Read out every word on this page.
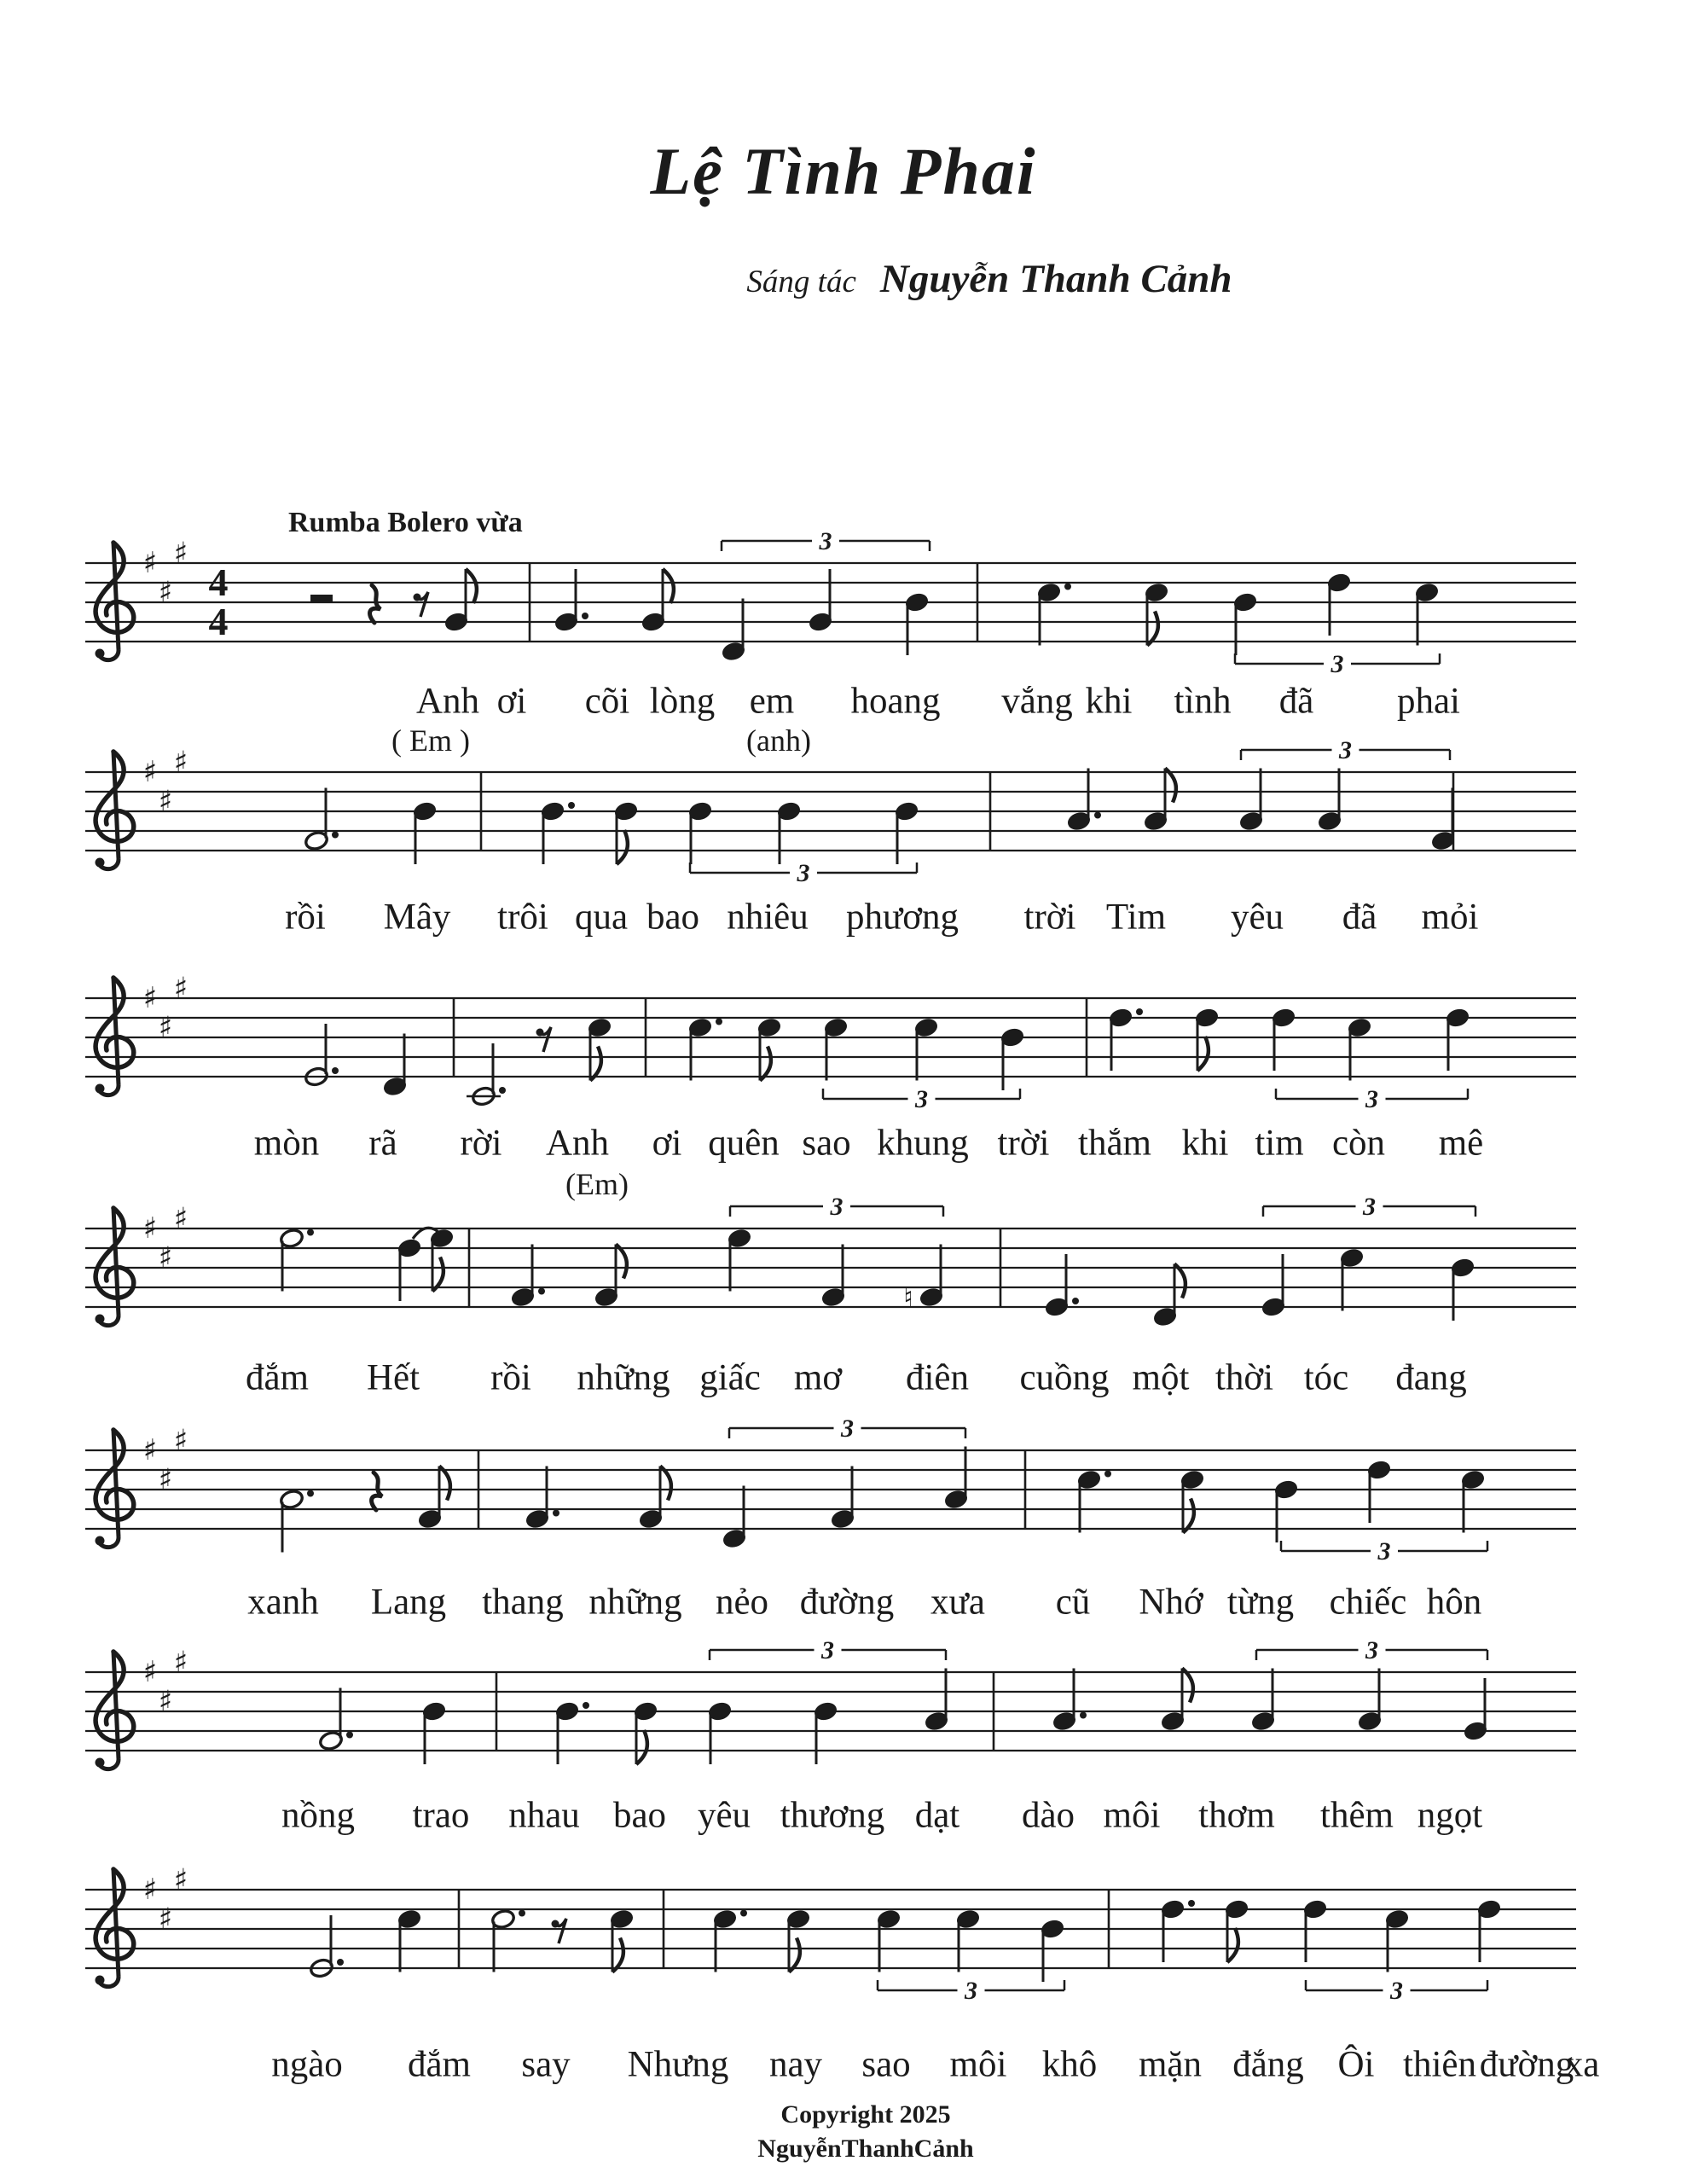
Lệ Tình Phai
Sáng tác Nguyễn Thanh Cảnh
Rumba Bolero vừa
♯
♯
♯
4
4
3
3
♯
♯
♯
3
3
♯
♯
♯
3	3
♯
♯
♯
♮
3	3
♯
♯
♯	3
3
♯
♯
♯	3	3
♯
♯
♯
3	3
Anh ơi cõi lòng em hoang vắng khi tình đã phai
rồi Mây trôi qua bao nhiêu phương trời Tim yêu đã mỏi
mòn rã rời Anh ơi quên sao khung trời thắm khi tim còn mê
đắm Hết rồi những giấc mơ điên cuồng một thời tóc đang
xanh Lang thang những nẻo đường xưa cũ Nhớ từng chiếc hôn
nồng trao nhau bao yêu thương dạt dào môi thơm thêm ngọt
ngào đắm say Nhưng nay sao môi khô mặn đắng Ôi thiên đường
xa
( Em )	(anh)
(Em)
Copyright 2025
NguyễnThanhCảnh
